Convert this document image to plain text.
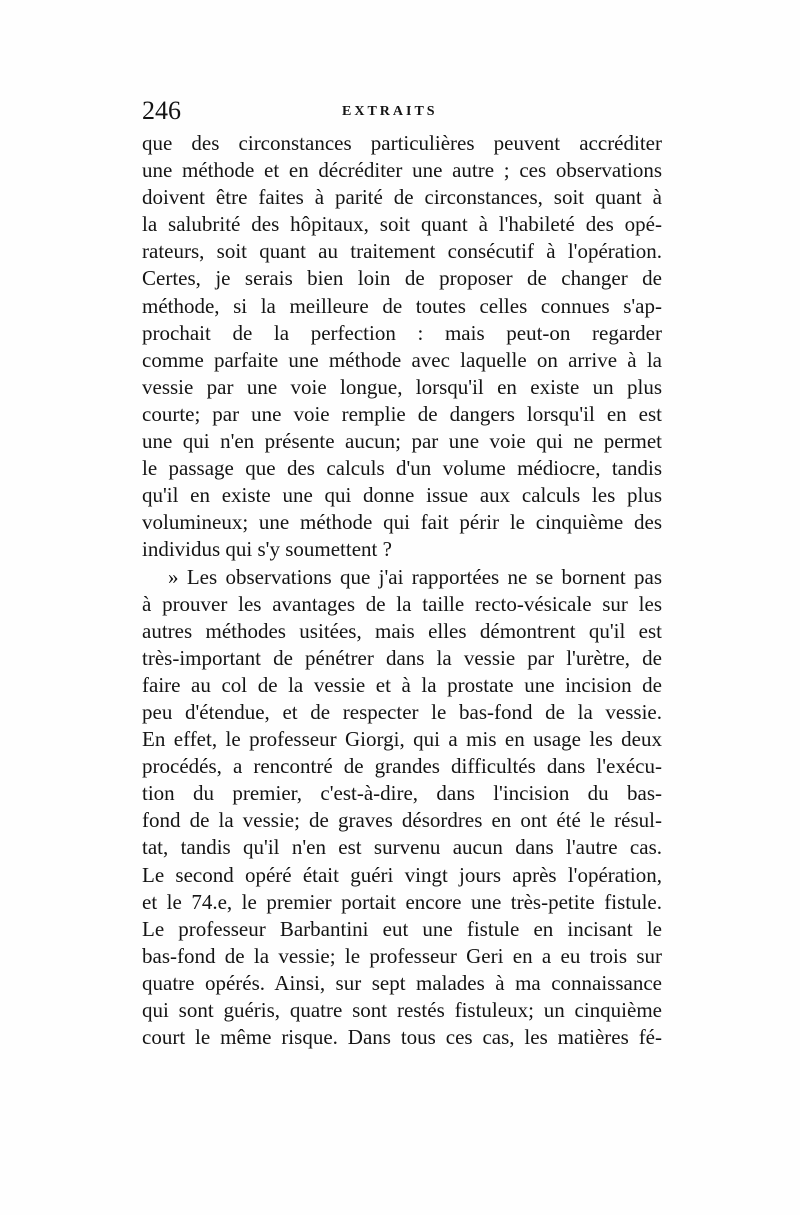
246	EXTRAITS
que des circonstances particulières peuvent accréditer
une méthode et en décréditer une autre ; ces observations
doivent être faites à parité de circonstances, soit quant à
la salubrité des hôpitaux, soit quant à l'habileté des opé-
rateurs, soit quant au traitement consécutif à l'opération.
Certes, je serais bien loin de proposer de changer de
méthode, si la meilleure de toutes celles connues s'ap-
prochait de la perfection : mais peut-on regarder
comme parfaite une méthode avec laquelle on arrive à la
vessie par une voie longue, lorsqu'il en existe un plus
courte; par une voie remplie de dangers lorsqu'il en est
une qui n'en présente aucun; par une voie qui ne permet
le passage que des calculs d'un volume médiocre, tandis
qu'il en existe une qui donne issue aux calculs les plus
volumineux; une méthode qui fait périr le cinquième des
individus qui s'y soumettent ?
» Les observations que j'ai rapportées ne se bornent pas
à prouver les avantages de la taille recto-vésicale sur les
autres méthodes usitées, mais elles démontrent qu'il est
très-important de pénétrer dans la vessie par l'urètre, de
faire au col de la vessie et à la prostate une incision de
peu d'étendue, et de respecter le bas-fond de la vessie.
En effet, le professeur Giorgi, qui a mis en usage les deux
procédés, a rencontré de grandes difficultés dans l'exécu-
tion du premier, c'est-à-dire, dans l'incision du bas-
fond de la vessie; de graves désordres en ont été le résul-
tat, tandis qu'il n'en est survenu aucun dans l'autre cas.
Le second opéré était guéri vingt jours après l'opération,
et le 74.e, le premier portait encore une très-petite fistule.
Le professeur Barbantini eut une fistule en incisant le
bas-fond de la vessie; le professeur Geri en a eu trois sur
quatre opérés. Ainsi, sur sept malades à ma connaissance
qui sont guéris, quatre sont restés fistuleux; un cinquième
court le même risque. Dans tous ces cas, les matières fé-
